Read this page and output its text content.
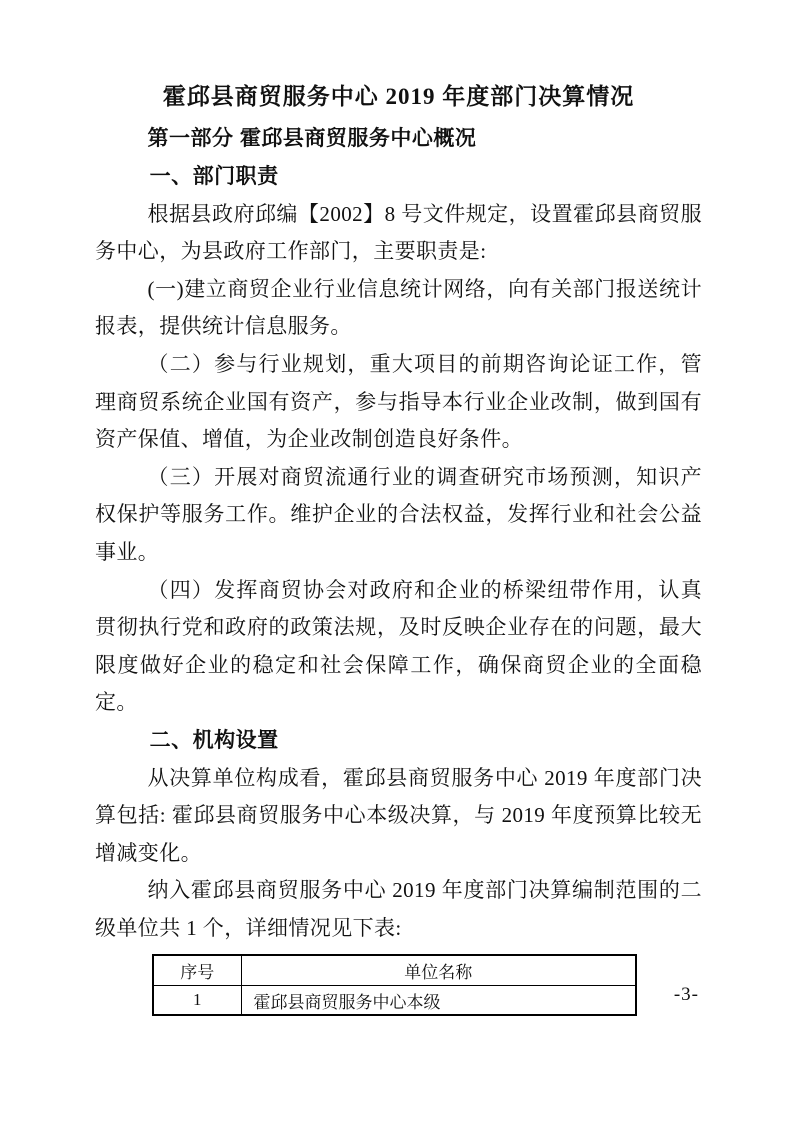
霍邱县商贸服务中心 2019 年度部门决算情况
第一部分 霍邱县商贸服务中心概况
一、部门职责

根据县政府邱编【2002】8 号文件规定，设置霍邱县商贸服务中心，为县政府工作部门，主要职责是:

(一)建立商贸企业行业信息统计网络，向有关部门报送统计报表，提供统计信息服务。

（二）参与行业规划，重大项目的前期咨询论证工作，管理商贸系统企业国有资产，参与指导本行业企业改制，做到国有资产保值、增值，为企业改制创造良好条件。

（三）开展对商贸流通行业的调查研究市场预测，知识产权保护等服务工作。维护企业的合法权益，发挥行业和社会公益事业。

（四）发挥商贸协会对政府和企业的桥梁纽带作用，认真贯彻执行党和政府的政策法规，及时反映企业存在的问题，最大限度做好企业的稳定和社会保障工作，确保商贸企业的全面稳定。

二、机构设置

从决算单位构成看，霍邱县商贸服务中心 2019 年度部门决算包括: 霍邱县商贸服务中心本级决算，与 2019 年度预算比较无增减变化。

纳入霍邱县商贸服务中心 2019 年度部门决算编制范围的二级单位共 1 个，详细情况见下表:

序号	单位名称
1	霍邱县商贸服务中心本级	-3-
